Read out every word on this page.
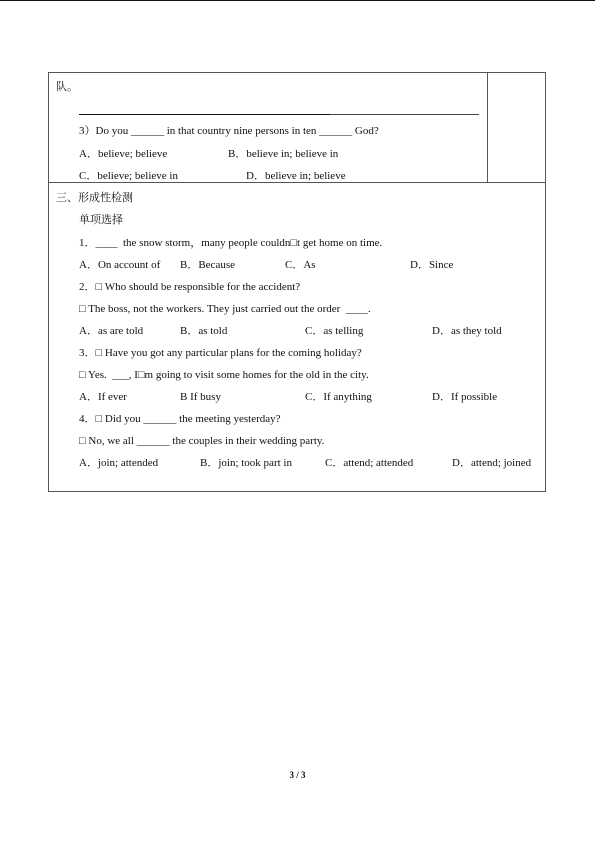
队。
3）Do you ______ in that country nine persons in ten ______ God?
A．believe; believe	B．believe in; believe in
C．believe; believe in	D．believe in; believe
三、形成性检测
单项选择
1．____  the snow storm，many people couldn□t get home on time.
A．On account of B．Because	C．As	D．Since
2．□ Who should be responsible for the accident?
□ The boss, not the workers. They just carried out the order  ____.
A．as are told	B．as told	C．as telling	D．as they told
3．□ Have you got any particular plans for the coming holiday?
□ Yes.  ___, I□m going to visit some homes for the old in the city.
A．If ever	B If busy	C．If anything	D．If possible
4．□ Did you ______ the meeting yesterday?
□ No, we all ______ the couples in their wedding party.
A．join; attended	B．join; took part in	C．attend; attended	D．attend; joined
3 / 3
